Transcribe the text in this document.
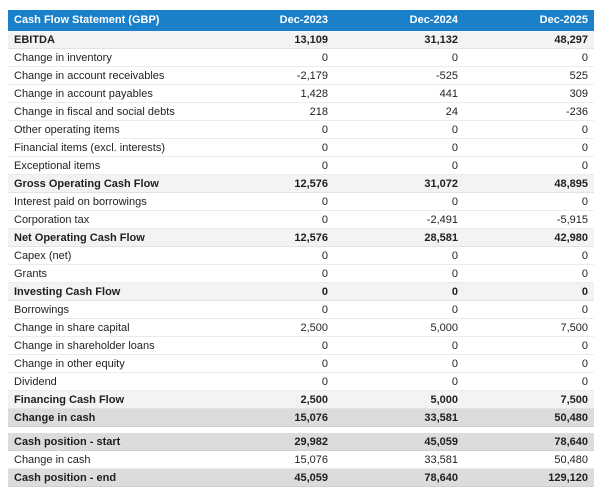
Cash Flow Statement (GBP)	Dec-2023	Dec-2024	Dec-2025
EBITDA	13,109	31,132	48,297
Change in inventory	0	0	0
Change in account receivables	-2,179	-525	525
Change in account payables	1,428	441	309
Change in fiscal and social debts	218	24	-236
Other operating items	0	0	0
Financial items (excl. interests)	0	0	0
Exceptional items	0	0	0
Gross Operating Cash Flow	12,576	31,072	48,895
Interest paid on borrowings	0	0	0
Corporation tax	0	-2,491	-5,915
Net Operating Cash Flow	12,576	28,581	42,980
Capex (net)	0	0	0
Grants	0	0	0
Investing Cash Flow	0	0	0
Borrowings	0	0	0
Change in share capital	2,500	5,000	7,500
Change in shareholder loans	0	0	0
Change in other equity	0	0	0
Dividend	0	0	0
Financing Cash Flow	2,500	5,000	7,500
Change in cash	15,076	33,581	50,480
Cash position - start	29,982	45,059	78,640
Change in cash	15,076	33,581	50,480
Cash position - end	45,059	78,640	129,120
